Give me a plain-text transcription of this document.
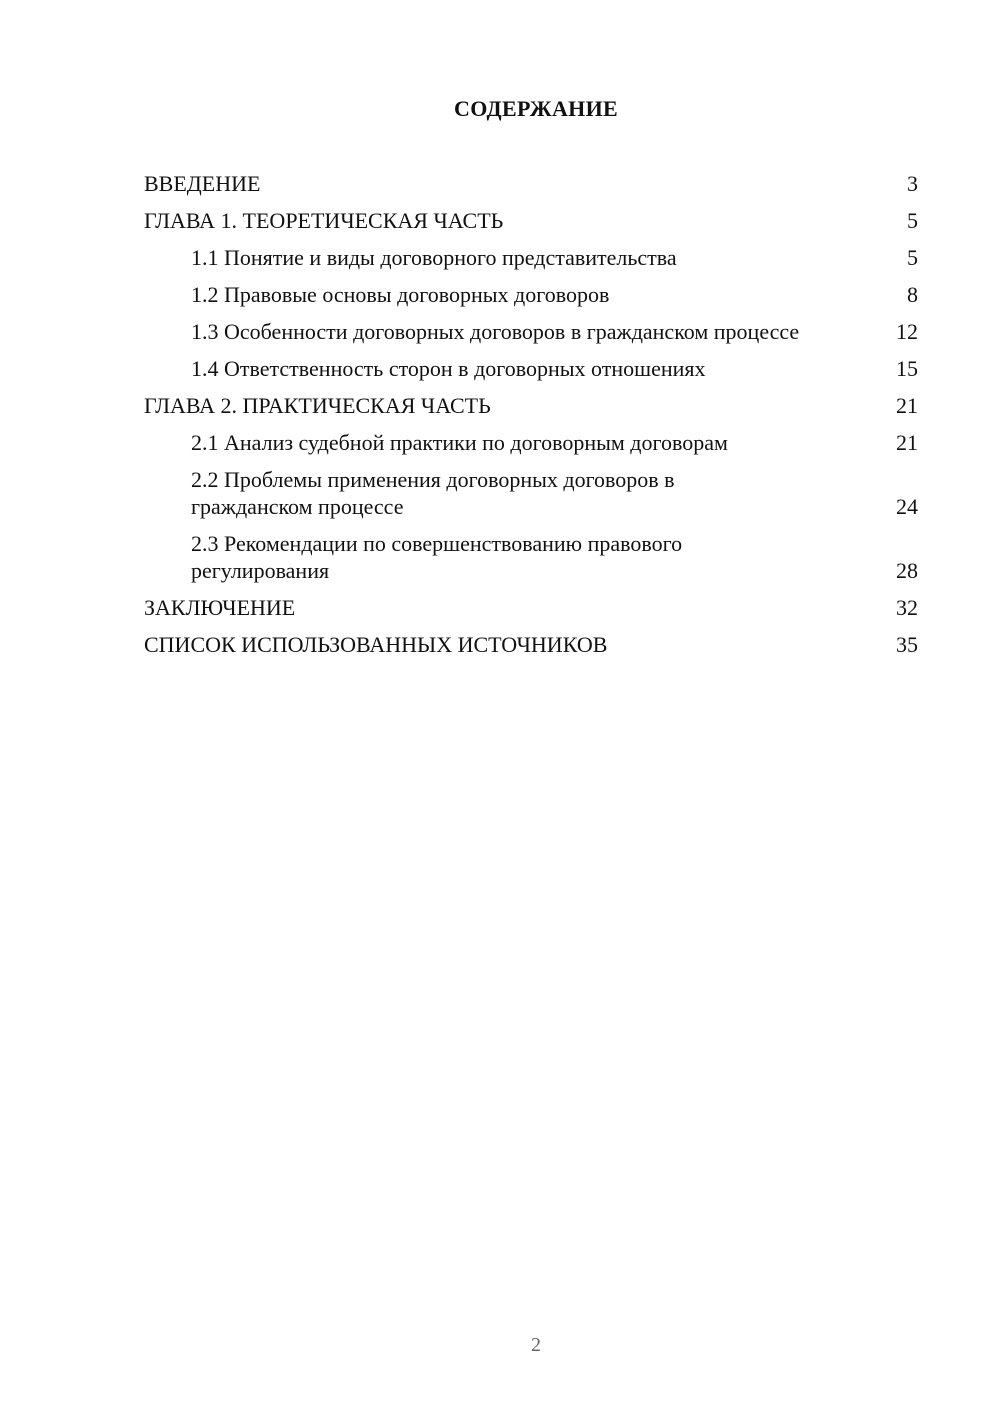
СОДЕРЖАНИЕ
ВВЕДЕНИЕ	3
ГЛАВА 1. ТЕОРЕТИЧЕСКАЯ ЧАСТЬ	5
1.1 Понятие и виды договорного представительства	5
1.2 Правовые основы договорных договоров	8
1.3 Особенности договорных договоров в гражданском процессе	12
1.4 Ответственность сторон в договорных отношениях	15
ГЛАВА 2. ПРАКТИЧЕСКАЯ ЧАСТЬ	21
2.1 Анализ судебной практики по договорным договорам	21
2.2 Проблемы применения договорных договоров в гражданском процессе	24
2.3 Рекомендации по совершенствованию правового регулирования	28
ЗАКЛЮЧЕНИЕ	32
СПИСОК ИСПОЛЬЗОВАННЫХ ИСТОЧНИКОВ	35
2
